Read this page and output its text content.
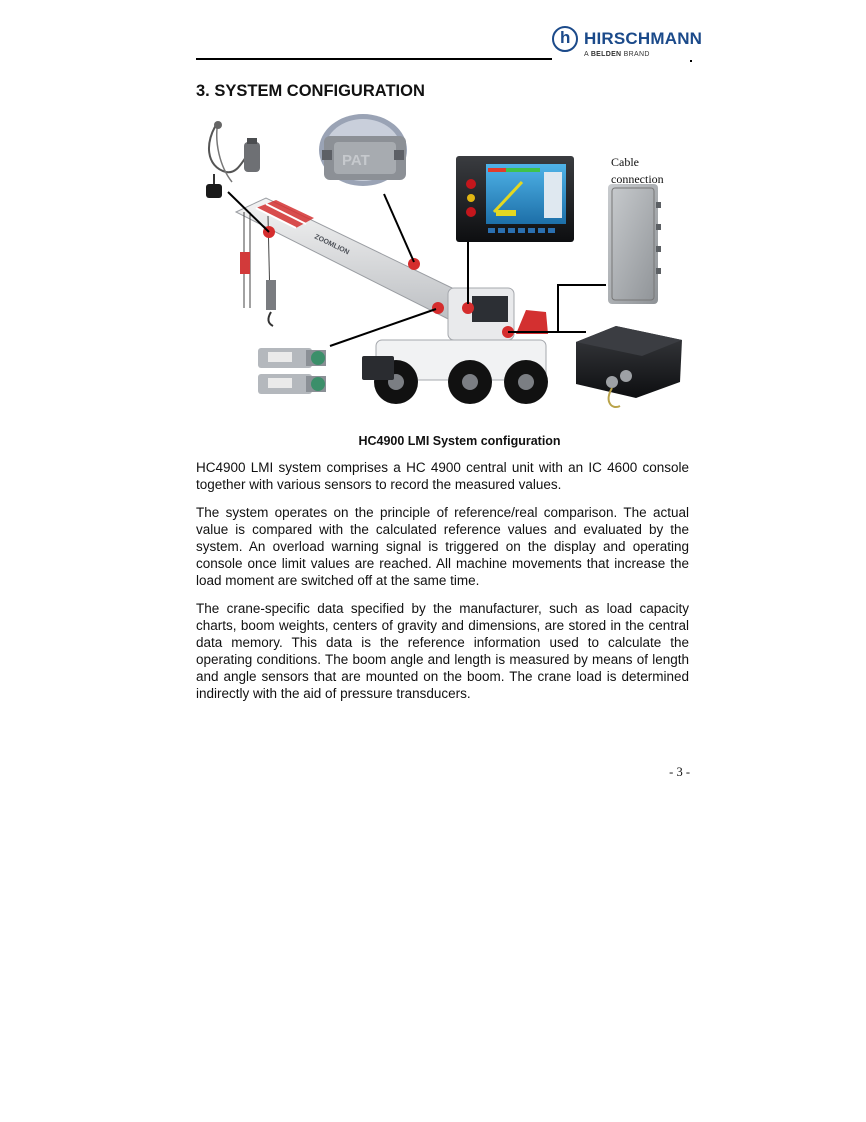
h HIRSCHMANN
A BELDEN BRAND
3. SYSTEM CONFIGURATION
PAT
ZOOMLION
Cable
connection
HC4900 LMI System configuration

HC4900 LMI system comprises a HC 4900 central unit with an IC 4600 console together with various sensors to record the measured values.

The system operates on the principle of reference/real comparison. The actual value is compared with the calculated reference values and evaluated by the system. An overload warning signal is triggered on the display and operating console once limit values are reached. All machine movements that increase the load moment are switched off at the same time.

The crane-specific data specified by the manufacturer, such as load capacity charts, boom weights, centers of gravity and dimensions, are stored in the central data memory. This data is the reference information used to calculate the operating conditions. The boom angle and length is measured by means of length and angle sensors that are mounted on the boom. The crane load is determined indirectly with the aid of pressure transducers.

- 3 -
